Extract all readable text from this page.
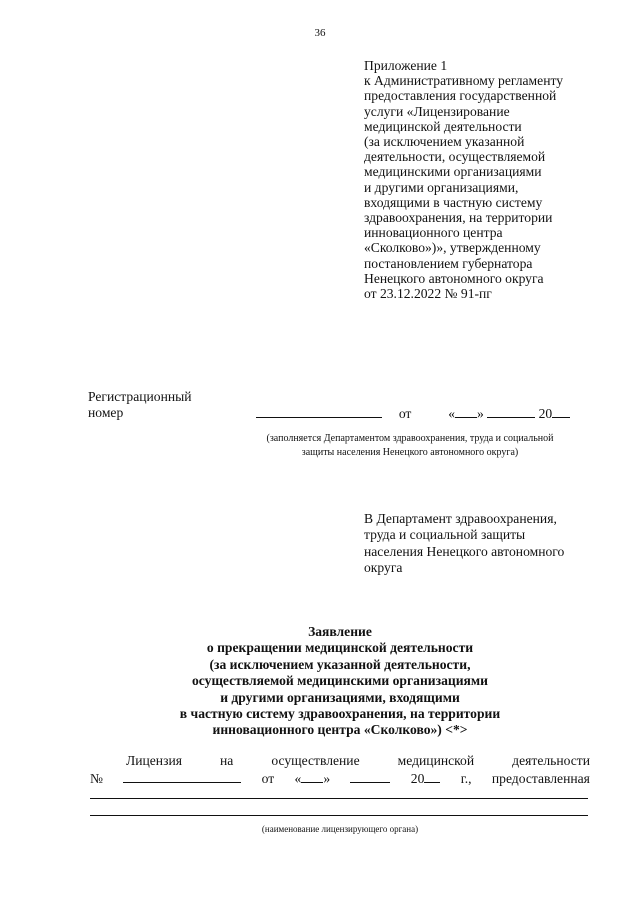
36
Приложение 1
к Административному регламенту
предоставления государственной
услуги «Лицензирование
медицинской деятельности
(за исключением указанной
деятельности, осуществляемой
медицинскими организациями
и другими организациями,
входящими в частную систему
здравоохранения, на территории
инновационного центра
«Сколково»)», утвержденному
постановлением губернатора
Ненецкого автономного округа
от 23.12.2022 № 91-пг
Регистрационный
номер	от	« »	20
(заполняется Департаментом здравоохранения, труда и социальной
защиты населения Ненецкого автономного округа)
В Департамент здравоохранения,
труда и социальной защиты
населения Ненецкого автономного
округа
Заявление
о прекращении медицинской деятельности
(за исключением указанной деятельности,
осуществляемой медицинскими организациями
и другими организациями, входящими
в частную систему здравоохранения, на территории
инновационного центра «Сколково») <*>
Лицензия	на	осуществление	медицинской	деятельности
№	от « »	20	г., предоставленная
(наименование лицензирующего органа)
